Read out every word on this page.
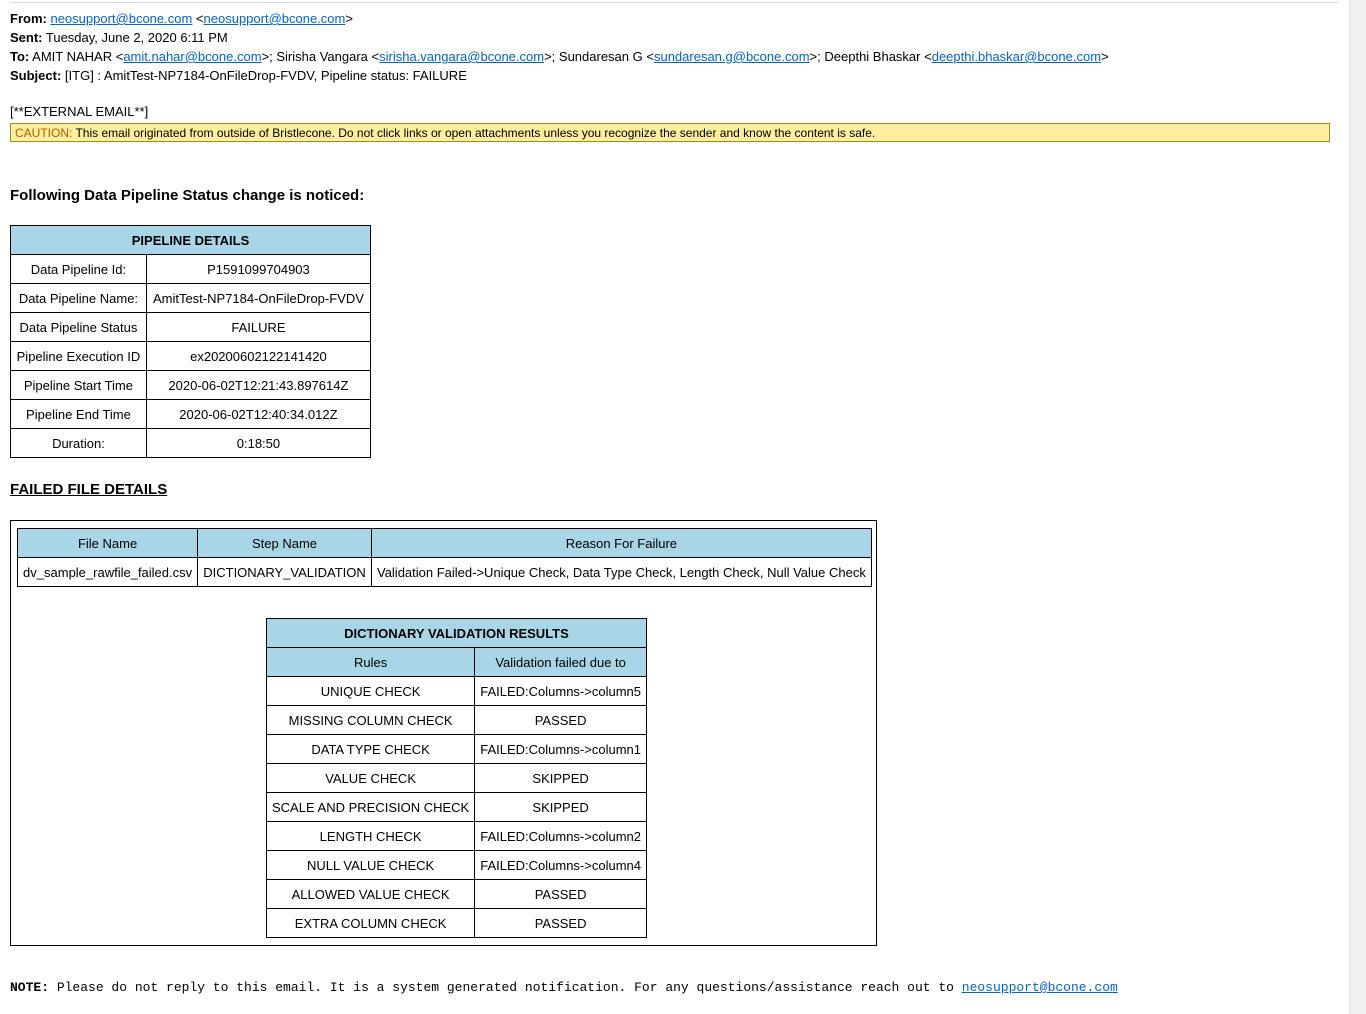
From: neosupport@bcone.com <neosupport@bcone.com>
Sent: Tuesday, June 2, 2020 6:11 PM
To: AMIT NAHAR <amit.nahar@bcone.com>; Sirisha Vangara <sirisha.vangara@bcone.com>; Sundaresan G <sundaresan.g@bcone.com>; Deepthi Bhaskar <deepthi.bhaskar@bcone.com>
Subject: [ITG] : AmitTest-NP7184-OnFileDrop-FVDV, Pipeline status: FAILURE
[**EXTERNAL EMAIL**]
CAUTION: This email originated from outside of Bristlecone. Do not click links or open attachments unless you recognize the sender and know the content is safe.
Following Data Pipeline Status change is noticed:
PIPELINE DETAILS	
Data Pipeline Id:	P1591099704903
Data Pipeline Name:	AmitTest-NP7184-OnFileDrop-FVDV
Data Pipeline Status	FAILURE
Pipeline Execution ID	ex20200602122141420
Pipeline Start Time	2020-06-02T12:21:43.897614Z
Pipeline End Time	2020-06-02T12:40:34.012Z
Duration:	0:18:50
FAILED FILE DETAILS
File Name	Step Name	Reason For Failure
dv_sample_rawfile_failed.csv	DICTIONARY_VALIDATION	Validation Failed->Unique Check, Data Type Check, Length Check, Null Value Check
DICTIONARY VALIDATION RESULTS	
Rules	Validation failed due to
UNIQUE CHECK	FAILED:Columns->column5
MISSING COLUMN CHECK	PASSED
DATA TYPE CHECK	FAILED:Columns->column1
VALUE CHECK	SKIPPED
SCALE AND PRECISION CHECK	SKIPPED
LENGTH CHECK	FAILED:Columns->column2
NULL VALUE CHECK	FAILED:Columns->column4
ALLOWED VALUE CHECK	PASSED
EXTRA COLUMN CHECK	PASSED
NOTE: Please do not reply to this email. It is a system generated notification. For any questions/assistance reach out to neosupport@bcone.com
